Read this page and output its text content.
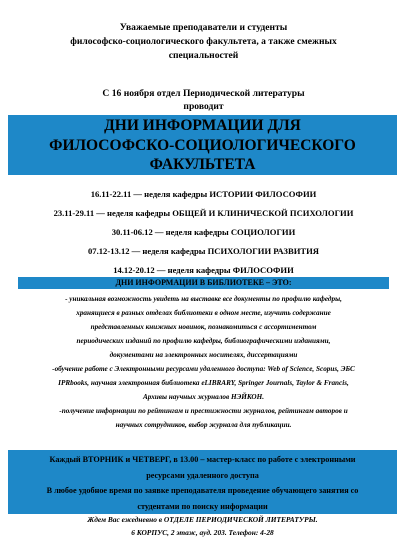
Уважаемые преподаватели и студенты
философско-социологического факультета, а также смежных
специальностей
С 16 ноября отдел Периодической литературы
проводит
ДНИ ИНФОРМАЦИИ ДЛЯ
ФИЛОСОФСКО-СОЦИОЛОГИЧЕСКОГО
ФАКУЛЬТЕТА
16.11-22.11 — неделя кафедры ИСТОРИИ ФИЛОСОФИИ
23.11-29.11 — неделя кафедры ОБЩЕЙ И КЛИНИЧЕСКОЙ ПСИХОЛОГИИ
30.11-06.12 — неделя кафедры СОЦИОЛОГИИ
07.12-13.12 — неделя кафедры ПСИХОЛОГИИ РАЗВИТИЯ
14.12-20.12 — неделя кафедры ФИЛОСОФИИ
ДНИ ИНФОРМАЦИИ В БИБЛИОТЕКЕ – ЭТО:
- уникальная возможность увидеть на выставке все документы по профилю кафедры,
хранящиеся в разных отделах библиотеки в одном месте, изучить содержание
представленных книжных новинок, познакомиться с ассортиментом
периодических изданий по профилю кафедры, библиографическими изданиями,
документами на электронных носителях, диссертациями
-обучение работе с Электронными ресурсами удаленного доступа: Web of Science, Scopus, ЭБС
IPRbooks, научная электронная библиотека eLIBRARY, Springer Journals, Taylor & Francis,
Архивы научных журналов НЭЙКОН.
-получение информации по рейтингам и престижности журналов, рейтингам авторов и
научных сотрудников, выбор журнала для публикации.
Каждый ВТОРНИК и ЧЕТВЕРГ, в 13.00 – мастер-класс по работе с электронными
ресурсами удаленного доступа
В любое удобное время по заявке преподавателя проведение обучающего занятия со
студентами по поиску информации
Ждем Вас ежедневно в ОТДЕЛЕ ПЕРИОДИЧЕСКОЙ ЛИТЕРАТУРЫ.
6 КОРПУС, 2 этаж, ауд. 203. Телефон: 4-28
